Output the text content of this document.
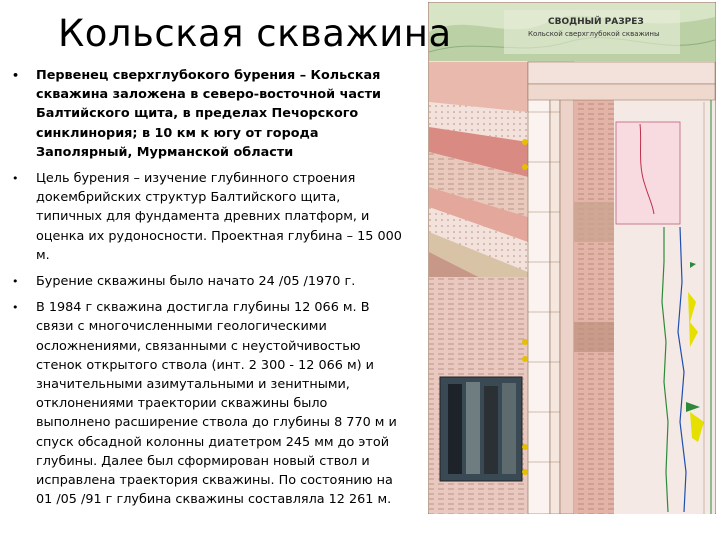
Кольская скважина
• Первенец сверхглубокого бурения – Кольская скважина заложена в северо-восточной части Балтийского щита, в пределах Печорского синклинория; в 10 км к югу от города Заполярный, Мурманской области
• Цель бурения – изучение глубинного строения докембрийских структур Балтийского щита, типичных для фундамента древних платформ, и оценка их рудоносности. Проектная глубина – 15 000 м.
• Бурение скважины было начато 24 /05 /1970 г.
• В 1984 г скважина достигла глубины 12 066 м. В связи с многочисленными геологическими осложнениями, связанными с неустойчивостью стенок открытого ствола (инт. 2 300 - 12 066 м) и значительными азимутальными и зенитными, отклонениями траектории скважины было выполнено расширение ствола до глубины 8 770 м и спуск обсадной колонны диатетром 245 мм до этой глубины. Далее был сформирован новый ствол и исправлена траектория скважины. По состоянию на 01 /05 /91 г глубина скважины составляла 12 261 м.
СВОДНЫЙ РАЗРЕЗ
Кольской сверхглубокой скважины
